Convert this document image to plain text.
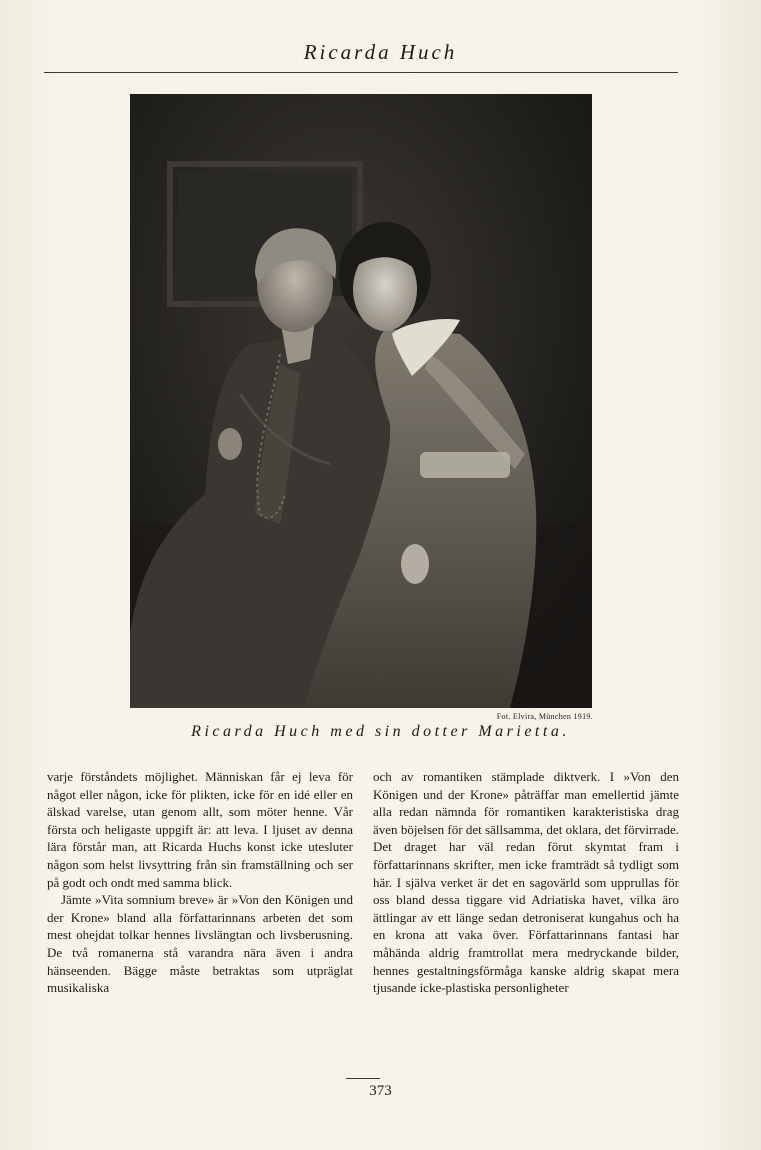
Ricarda Huch
Fot. Elvira, München 1919.
Ricarda Huch med sin dotter Marietta.

varje förståndets möjlighet. Människan får ej leva för något eller någon, icke för plikten, icke för en idé eller en älskad varelse, utan genom allt, som möter henne. Vår första och heligaste uppgift är: att leva. I ljuset av denna lära förstår man, att Ricarda Huchs konst icke utesluter någon som helst livsyttring från sin framställning och ser på godt och ondt med samma blick.

Jämte »Vita somnium breve» är »Von den Königen und der Krone» bland alla författarinnans arbeten det som mest ohejdat tolkar hennes livslängtan och livsberusning. De två romanerna stå varandra nära även i andra hänseenden. Bägge måste betraktas som utpräglat musikaliska

och av romantiken stämplade diktverk. I »Von den Königen und der Krone» påträffar man emellertid jämte alla redan nämnda för romantiken karakteristiska drag även böjelsen för det sällsamma, det oklara, det förvirrade. Det draget har väl redan förut skymtat fram i författarinnans skrifter, men icke framträdt så tydligt som här. I själva verket är det en sagovärld som upprullas för oss bland dessa tiggare vid Adriatiska havet, vilka äro ättlingar av ett länge sedan detroniserat kungahus och ha en krona att vaka över. Författarinnans fantasi har måhända aldrig framtrollat mera medryckande bilder, hennes gestaltningsförmåga kanske aldrig skapat mera tjusande icke-plastiska personligheter

373
